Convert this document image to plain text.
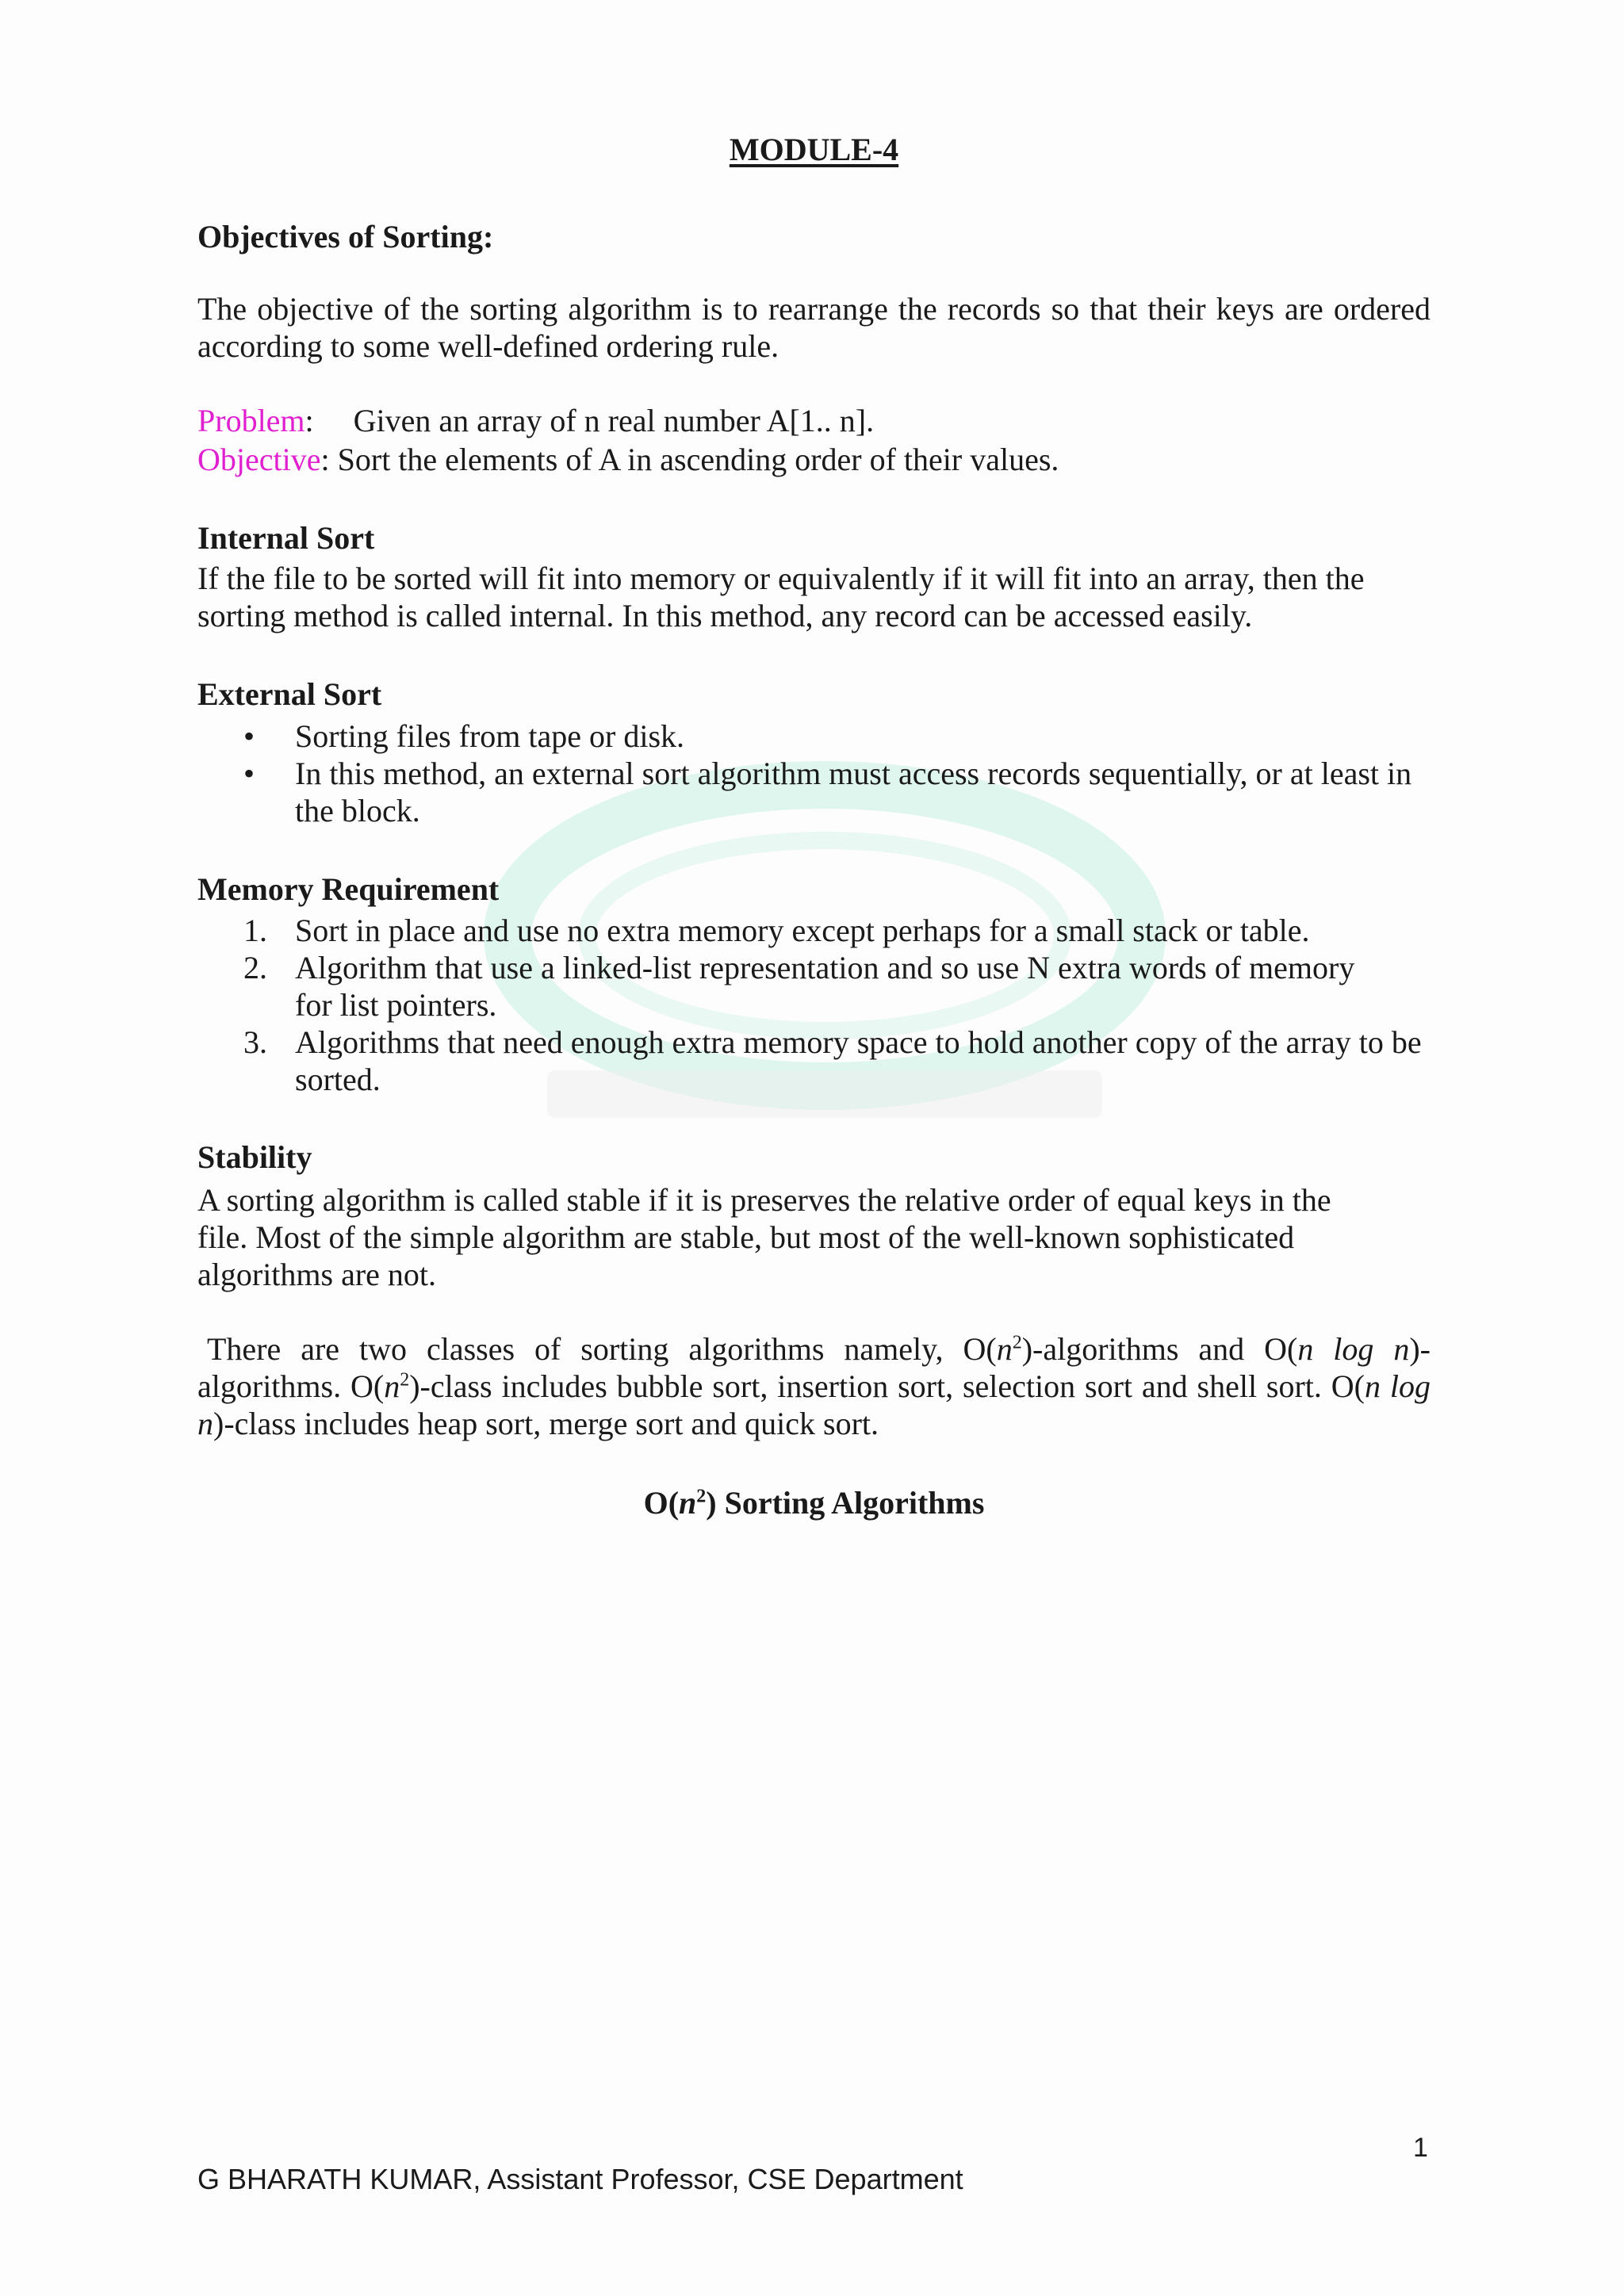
MODULE-4
Objectives of Sorting:
The objective of the sorting algorithm is to rearrange the records so that their keys are ordered according to some well-defined ordering rule.
Problem: Given an array of n real number A[1.. n].
Objective: Sort the elements of A in ascending order of their values.
Internal Sort
If the file to be sorted will fit into memory or equivalently if it will fit into an array, then the sorting method is called internal. In this method, any record can be accessed easily.
External Sort
• Sorting files from tape or disk.
• In this method, an external sort algorithm must access records sequentially, or at least in the block.
Memory Requirement
1. Sort in place and use no extra memory except perhaps for a small stack or table.
2. Algorithm that use a linked-list representation and so use N extra words of memory for list pointers.
3. Algorithms that need enough extra memory space to hold another copy of the array to be sorted.
Stability
A sorting algorithm is called stable if it is preserves the relative order of equal keys in the file. Most of the simple algorithm are stable, but most of the well-known sophisticated algorithms are not.
There are two classes of sorting algorithms namely, $O(n^2)$-algorithms and O(n log n)-algorithms. $O(n^2)$-class includes bubble sort, insertion sort, selection sort and shell sort. O(n log n)-class includes heap sort, merge sort and quick sort.
$O(n^2)$ Sorting Algorithms
1
G BHARATH KUMAR, Assistant Professor, CSE Department
